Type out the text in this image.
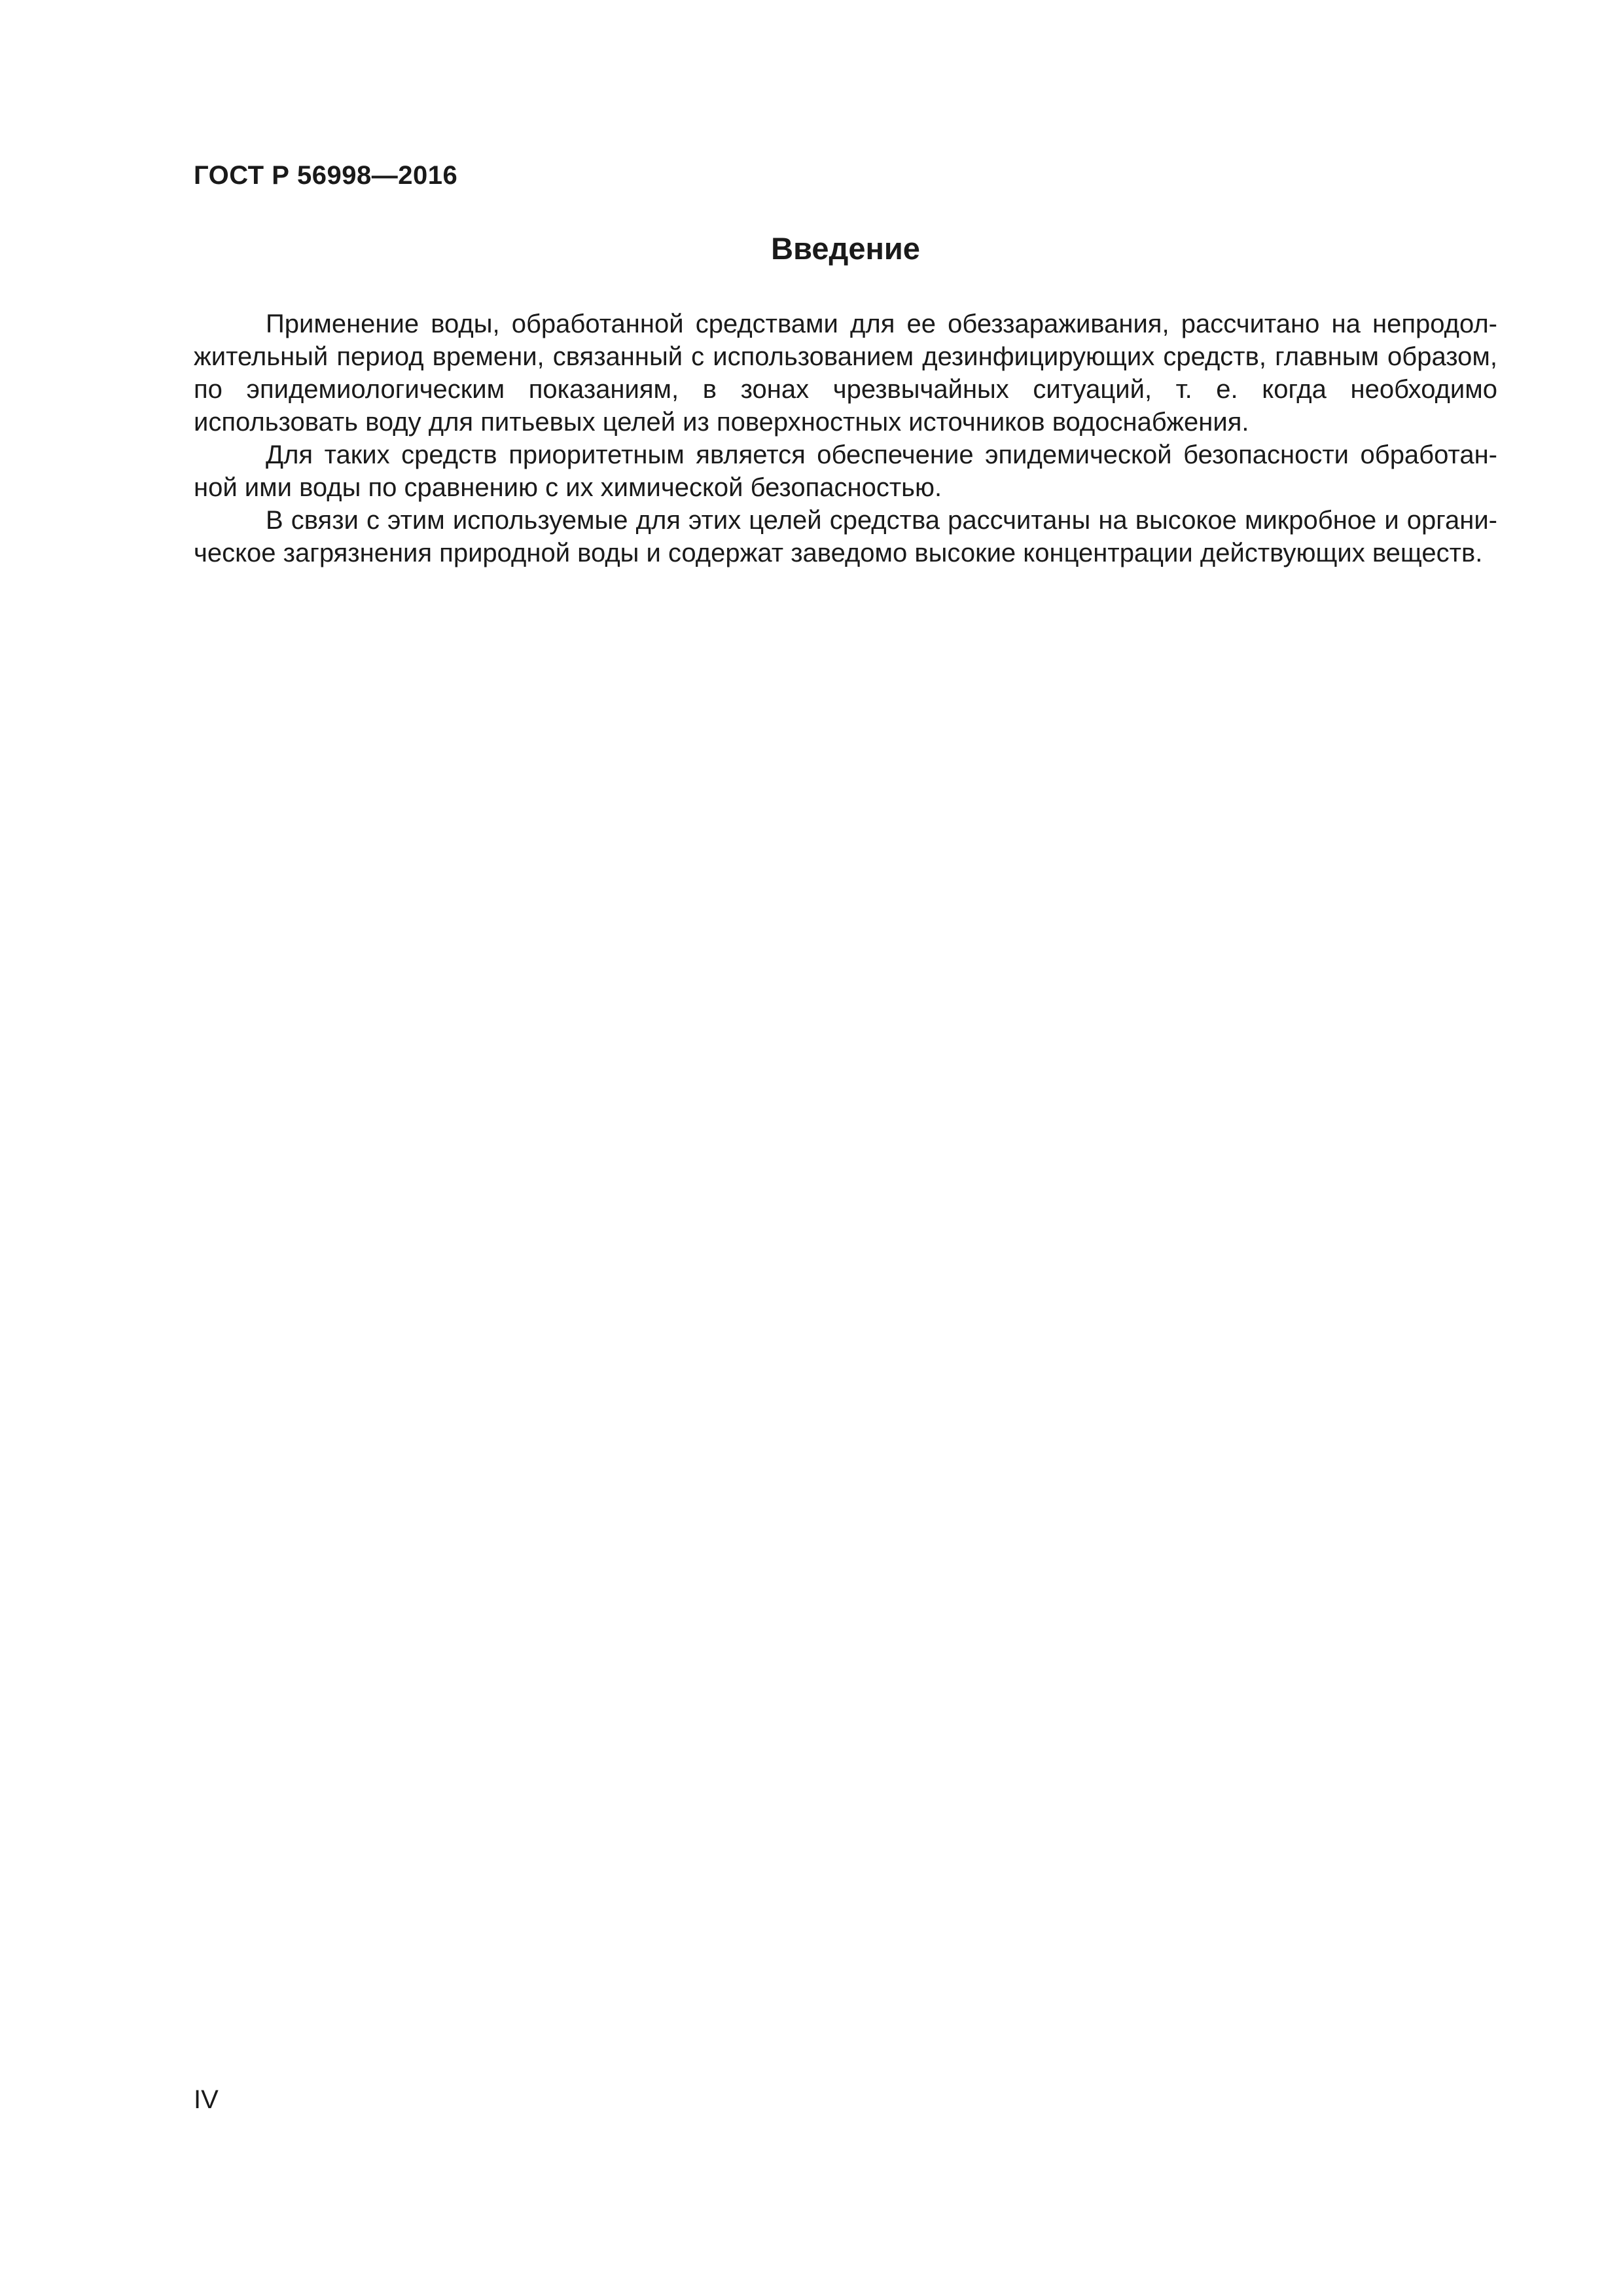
ГОСТ Р 56998—2016

Введение

Применение воды, обработанной средствами для ее обеззараживания, рассчитано на непродолжительный период времени, связанный с использованием дезинфицирующих средств, главным образом, по эпидемиологическим показаниям, в зонах чрезвычайных ситуаций, т. е. когда необходимо использовать воду для питьевых целей из поверхностных источников водоснабжения.

Для таких средств приоритетным является обеспечение эпидемической безопасности обработанной ими воды по сравнению с их химической безопасностью.

В связи с этим используемые для этих целей средства рассчитаны на высокое микробное и органическое загрязнения природной воды и содержат заведомо высокие концентрации действующих веществ.

IV
